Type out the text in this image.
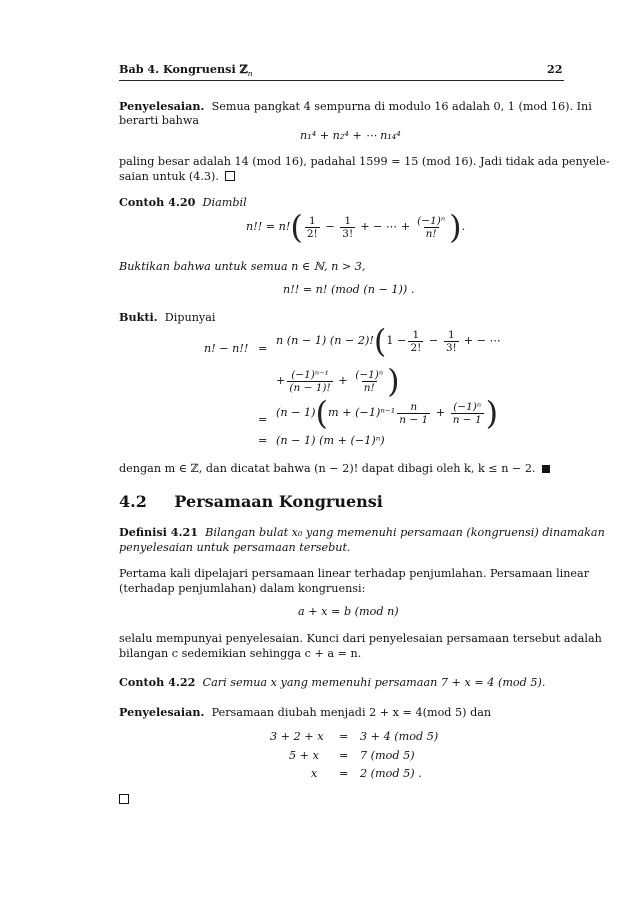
Bab 4. Kongruensi ℤ$_n$	22
Penyelesaian. Semua pangkat 4 sempurna di modulo 16 adalah 0, 1 (mod 16). Ini
berarti bahwa
n₁⁴ + n₂⁴ + ⋯ n₁₄⁴
paling besar adalah 14 (mod 16), padahal 1599 = 15 (mod 16). Jadi tidak ada penyele-
saian untuk (4.3).
Contoh 4.20 Diambil
n!! = n! ( $\frac{1}{2!} - \frac{1}{3!}$ + − ⋯ + $\frac{\text{(−1)ⁿ}}{n!}$ ) .
Buktikan bahwa untuk semua n ∈ ℕ, n > 3,
n!! = n! (mod (n − 1)) .
Bukti. Dipunyai
n! − n!! =
n (n − 1) (n − 2)! ( $1 - \frac{1}{2!} - \frac{1}{3!}$ + − ⋯
+ $\frac{\text{(−1)ⁿ⁻¹}}{(n - 1)!} + \frac{\text{(−1)ⁿ}}{n!}$ )
=
(n − 1) ( $m + (-1)^{n-1} \frac{n}{n - 1} + \frac{\text{(−1)ⁿ}}{n - 1}$ )
= (n − 1) (m + (−1)ⁿ)
dengan m ∈ ℤ, dan dicatat bahwa (n − 2)! dapat dibagi oleh k, k ≤ n − 2.
4.2 Persamaan Kongruensi
Definisi 4.21 Bilangan bulat x₀ yang memenuhi persamaan (kongruensi) dinamakan
penyelesaian untuk persamaan tersebut.
Pertama kali dipelajari persamaan linear terhadap penjumlahan. Persamaan linear
(terhadap penjumlahan) dalam kongruensi:
a + x = b (mod n)
selalu mempunyai penyelesaian. Kunci dari penyelesaian persamaan tersebut adalah
bilangan c sedemikian sehingga c + a = n.
Contoh 4.22 Cari semua x yang memenuhi persamaan 7 + x = 4 (mod 5).
Penyelesaian. Persamaan diubah menjadi 2 + x = 4(mod 5) dan
3 + 2 + x = 3 + 4 (mod 5)
5 + x = 7 (mod 5)
x = 2 (mod 5) .
